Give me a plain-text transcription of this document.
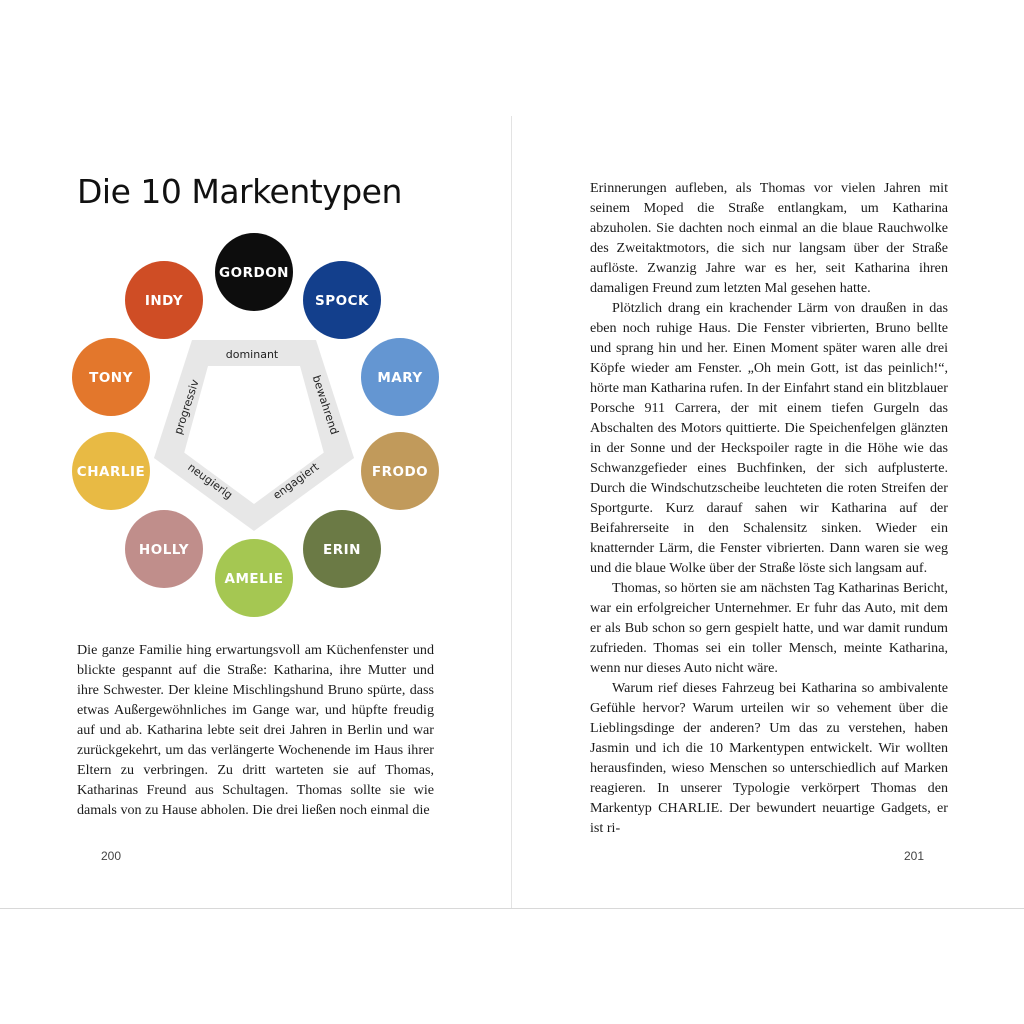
Die 10 Markentypen
dominant
bewahrend
engagiert
neugierig
progressiv
GORDON
SPOCK
MARY
FRODO
ERIN
AMELIE
HOLLY
CHARLIE
TONY
INDY

Die ganze Familie hing erwartungsvoll am Küchenfenster und blickte gespannt auf die Straße: Katharina, ihre Mutter und ihre Schwester. Der kleine Mischlingshund Bruno spürte, dass etwas Außergewöhnliches im Gange war, und hüpfte freudig auf und ab. Katharina lebte seit drei Jahren in Berlin und war zurückgekehrt, um das verlängerte Wochenende im Haus ihrer Eltern zu verbringen. Zu dritt warteten sie auf Thomas, Katharinas Freund aus Schultagen. Thomas sollte sie wie damals von zu Hause abholen. Die drei ließen noch einmal die

200

Erinnerungen aufleben, als Thomas vor vielen Jahren mit seinem Moped die Straße entlangkam, um Katharina abzuholen. Sie dachten noch einmal an die blaue Rauchwolke des Zweitaktmotors, die sich nur langsam über der Straße auflöste. Zwanzig Jahre war es her, seit Katharina ihren damaligen Freund zum letzten Mal gesehen hatte.

Plötzlich drang ein krachender Lärm von draußen in das eben noch ruhige Haus. Die Fenster vibrierten, Bruno bellte und sprang hin und her. Einen Moment später waren alle drei Köpfe wieder am Fenster. „Oh mein Gott, ist das peinlich!“, hörte man Katharina rufen. In der Einfahrt stand ein blitzblauer Porsche 911 Carrera, der mit einem tiefen Gurgeln das Abschalten des Motors quittierte. Die Speichenfelgen glänzten in der Sonne und der Heckspoiler ragte in die Höhe wie das Schwanzgefieder eines Buchfinken, der sich aufplusterte. Durch die Windschutzscheibe leuchteten die roten Streifen der Sportgurte. Kurz darauf sahen wir Katharina auf der Beifahrerseite in den Schalensitz sinken. Wieder ein knatternder Lärm, die Fenster vibrierten. Dann waren sie weg und die blaue Wolke über der Straße löste sich langsam auf.

Thomas, so hörten sie am nächsten Tag Katharinas Bericht, war ein erfolgreicher Unternehmer. Er fuhr das Auto, mit dem er als Bub schon so gern gespielt hatte, und war damit rundum zufrieden. Thomas sei ein toller Mensch, meinte Katharina, wenn nur dieses Auto nicht wäre.

Warum rief dieses Fahrzeug bei Katharina so ambivalente Gefühle hervor? Warum urteilen wir so vehement über die Lieblingsdinge der anderen? Um das zu verstehen, haben Jasmin und ich die 10 Markentypen entwickelt. Wir wollten herausfinden, wieso Menschen so unterschiedlich auf Marken reagieren. In unserer Typologie verkörpert Thomas den Markentyp CHARLIE. Der bewundert neuartige Gadgets, er ist ri-

201
